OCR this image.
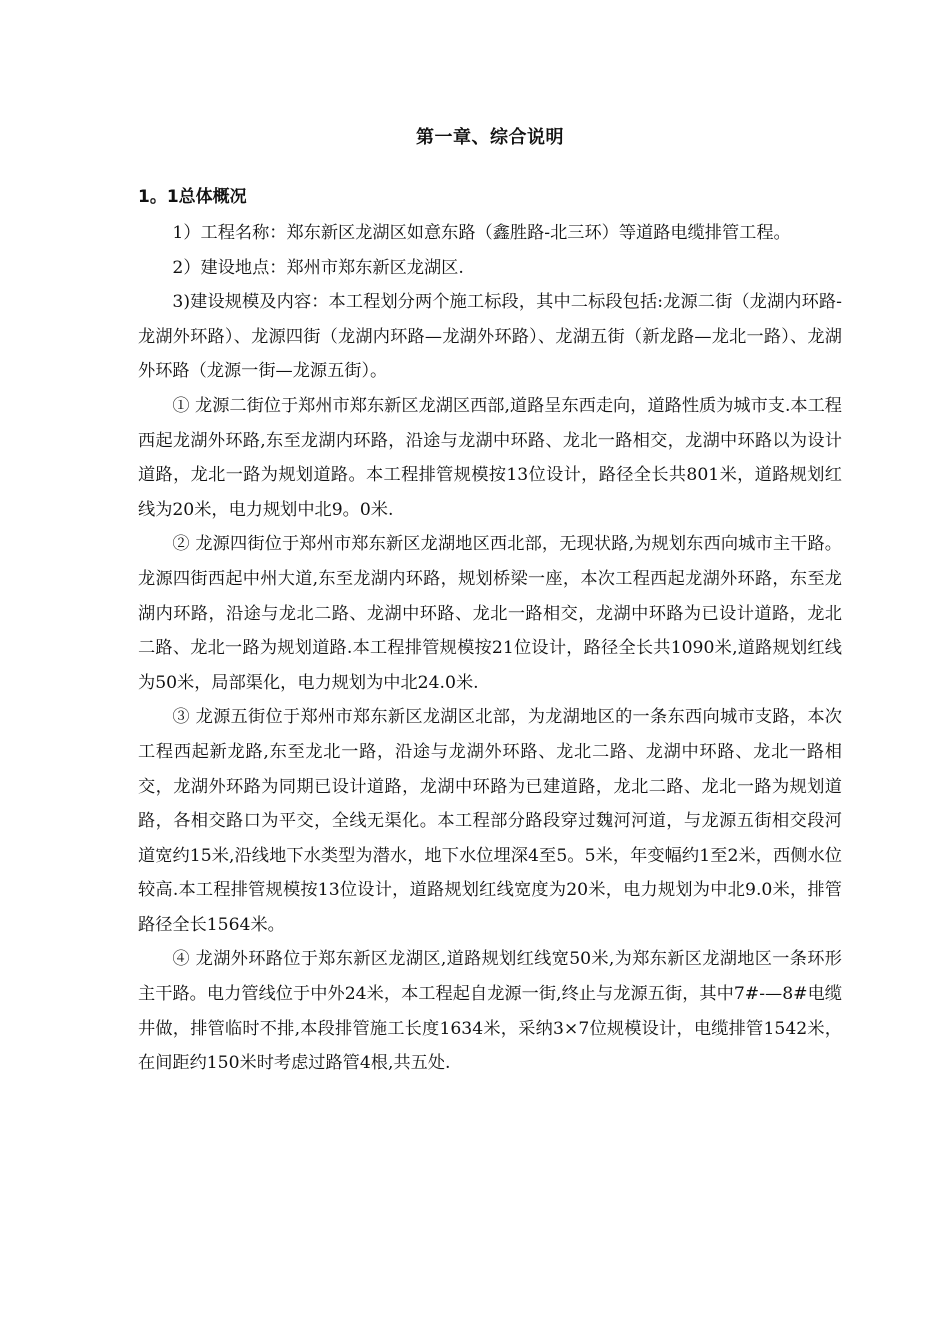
第一章、综合说明
1。1总体概况

1）工程名称：郑东新区龙湖区如意东路（鑫胜路-北三环）等道路电缆排管工程。

2）建设地点：郑州市郑东新区龙湖区.

3)建设规模及内容：本工程划分两个施工标段，其中二标段包括:龙源二街（龙湖内环路-龙湖外环路）、龙源四街（龙湖内环路—龙湖外环路）、龙湖五街（新龙路—龙北一路）、龙湖外环路（龙源一街—龙源五街）。

① 龙源二街位于郑州市郑东新区龙湖区西部,道路呈东西走向，道路性质为城市支.本工程西起龙湖外环路,东至龙湖内环路，沿途与龙湖中环路、龙北一路相交，龙湖中环路以为设计道路，龙北一路为规划道路。本工程排管规模按13位设计，路径全长共801米，道路规划红线为20米，电力规划中北9。0米.

② 龙源四街位于郑州市郑东新区龙湖地区西北部，无现状路,为规划东西向城市主干路。龙源四街西起中州大道,东至龙湖内环路，规划桥梁一座，本次工程西起龙湖外环路，东至龙湖内环路，沿途与龙北二路、龙湖中环路、龙北一路相交，龙湖中环路为已设计道路，龙北二路、龙北一路为规划道路.本工程排管规模按21位设计，路径全长共1090米,道路规划红线为50米，局部渠化，电力规划为中北24.0米.

③ 龙源五街位于郑州市郑东新区龙湖区北部，为龙湖地区的一条东西向城市支路，本次工程西起新龙路,东至龙北一路，沿途与龙湖外环路、龙北二路、龙湖中环路、龙北一路相交，龙湖外环路为同期已设计道路，龙湖中环路为已建道路，龙北二路、龙北一路为规划道路，各相交路口为平交，全线无渠化。本工程部分路段穿过魏河河道，与龙源五街相交段河道宽约15米,沿线地下水类型为潜水，地下水位埋深4至5。5米，年变幅约1至2米，西侧水位较高.本工程排管规模按13位设计，道路规划红线宽度为20米，电力规划为中北9.0米，排管路径全长1564米。

④ 龙湖外环路位于郑东新区龙湖区,道路规划红线宽50米,为郑东新区龙湖地区一条环形主干路。电力管线位于中外24米，本工程起自龙源一街,终止与龙源五街，其中7#-—8#电缆井做，排管临时不排,本段排管施工长度1634米，采纳3×7位规模设计，电缆排管1542米，在间距约150米时考虑过路管4根,共五处.
